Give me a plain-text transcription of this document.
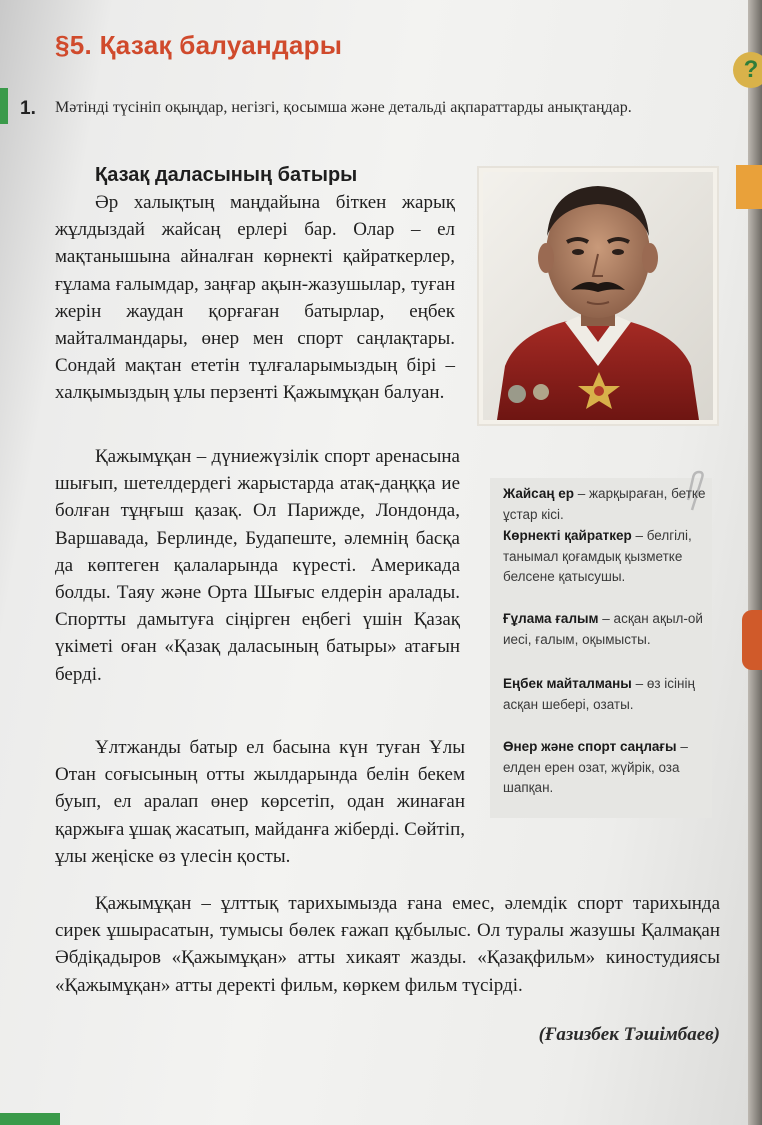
§5. Қазақ балуандары
?
1. Мәтінді түсініп оқыңдар, негізгі, қосымша және детальді ақпараттарды анықтаңдар.
Қазақ даласының батыры

Әр халықтың маңдайына біткен жарық жұлдыздай жайсаң ерлері бар. Олар – ел мақтанышына айналған көрнекті қайраткерлер, ғұлама ғалымдар, заңғар ақын-жазушылар, туған жерін жаудан қорғаған батырлар, еңбек майталмандары, өнер мен спорт саңлақтары. Сондай мақтан ететін тұлғаларымыздың бірі – халқымыздың ұлы перзенті Қажымұқан балуан.

Қажымұқан – дүниежүзілік спорт аренасына шығып, шетелдердегі жарыстарда атақ-даңққа ие болған тұңғыш қазақ. Ол Парижде, Лондонда, Варшавада, Берлинде, Будапеште, әлемнің басқа да көптеген қалаларында күресті. Америкада болды. Таяу және Орта Шығыс елдерін аралады. Спортты дамытуға сіңірген еңбегі үшін Қазақ үкіметі оған «Қазақ даласының батыры» атағын берді.

Ұлтжанды батыр ел басына күн туған Ұлы Отан соғысының отты жылдарында белін бекем буып, ел аралап өнер көрсетіп, одан жинаған қаржыға ұшақ жасатып, майданға жіберді. Сөйтіп, ұлы жеңіске өз үлесін қосты.

Қажымұқан – ұлттық тарихымызда ғана емес, әлемдік спорт тарихында сирек ұшырасатын, тумысы бөлек ғажап құбылыс. Ол туралы жазушы Қалмақан Әбдіқадыров «Қажымұқан» атты хикаят жазды. «Қазақфильм» киностудиясы «Қажымұқан» атты деректі фильм, көркем фильм түсірді.

(Ғазизбек Тәшімбаев)
Жайсаң ер – жарқыраған, бетке ұстар кісі.
Көрнекті қайраткер – белгілі, танымал қоғамдық қызметке белсене қатысушы.
Ғұлама ғалым – асқан ақыл-ой иесі, ғалым, оқымысты.
Еңбек майталманы – өз ісінің асқан шебері, озаты.
Өнер және спорт саңлағы – елден ерен озат, жүйрік, оза шапқан.
